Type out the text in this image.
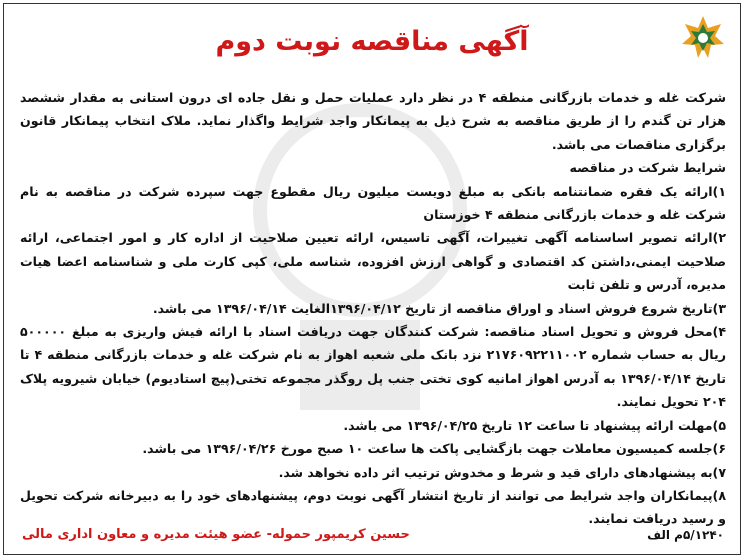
آگهی مناقصه نوبت دوم

شرکت غله و خدمات بازرگانی منطقه ۴ در نظر دارد عملیات حمل و نقل جاده ای درون استانی به مقدار ششصد هزار تن گندم را از طریق مناقصه به شرح ذیل به پیمانکار واجد شرایط واگذار نماید. ملاک انتخاب پیمانکار قانون برگزاری مناقصات می باشد.

شرایط شرکت در مناقصه

۱)ارائه یک فقره ضمانتنامه بانکی به مبلغ دویست میلیون ریال مقطوع جهت سپرده شرکت در مناقصه به نام شرکت غله و خدمات بازرگانی منطقه ۴ خوزستان

۲)ارائه تصویر اساسنامه آگهی تغییرات، آگهی تاسیس، ارائه تعیین صلاحیت از اداره کار و امور اجتماعی، ارائه صلاحیت ایمنی،داشتن کد اقتصادی و گواهی ارزش افزوده، شناسه ملی، کپی کارت ملی و شناسنامه اعضا هیات مدیره، آدرس و تلفن ثابت

۳)تاریخ شروع فروش اسناد و اوراق مناقصه از تاریخ ۱۳۹۶/۰۴/۱۲الغایت ۱۳۹۶/۰۴/۱۴ می باشد.

۴)محل فروش و تحویل اسناد مناقصه: شرکت کنندگان جهت دریافت اسناد با ارائه فیش واریزی به مبلغ ۵۰۰۰۰۰ ریال به حساب شماره ۲۱۷۶۰۹۲۲۱۱۰۰۲ نزد بانک ملی شعبه اهواز به نام شرکت غله و خدمات بازرگانی منطقه ۴ تا تاریخ ۱۳۹۶/۰۴/۱۴ به آدرس اهواز امانیه کوی تختی جنب پل روگذر مجموعه تختی(پیچ استادیوم) خیابان شیرویه پلاک ۲۰۴ تحویل نمایند.

۵)مهلت ارائه پیشنهاد تا ساعت ۱۲ تاریخ ۱۳۹۶/۰۴/۲۵ می باشد.

۶)جلسه کمیسیون معاملات جهت بازگشایی پاکت ها ساعت ۱۰ صبح مورخ ۱۳۹۶/۰۴/۲۶ می باشد.

۷)به پیشنهادهای دارای قید و شرط و مخدوش ترتیب اثر داده نخواهد شد.

۸)پیمانکاران واجد شرایط می توانند از تاریخ انتشار آگهی نوبت دوم، پیشنهادهای خود را به دبیرخانه شرکت تحویل و رسید دریافت نمایند.

۵/۱۲۴۰م الف
حسین کریمپور حموله- عضو هیئت مدیره و معاون اداری مالی
